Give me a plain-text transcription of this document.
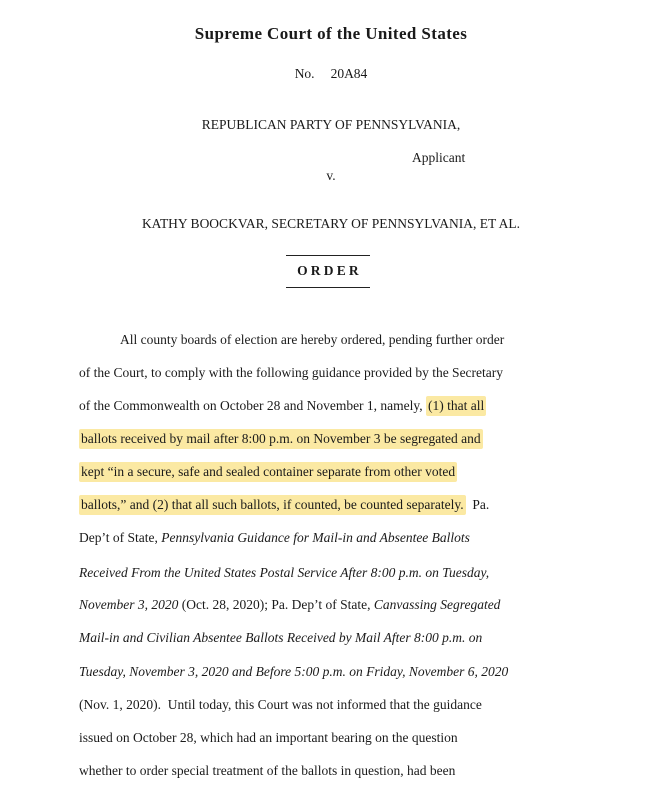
Supreme Court of the United States
No. 20A84
REPUBLICAN PARTY OF PENNSYLVANIA,
Applicant
v.
KATHY BOOCKVAR, SECRETARY OF PENNSYLVANIA, ET AL.
ORDER
All county boards of election are hereby ordered, pending further order
of the Court, to comply with the following guidance provided by the Secretary
of the Commonwealth on October 28 and November 1, namely, (1) that all
ballots received by mail after 8:00 p.m. on November 3 be segregated and
kept “in a secure, safe and sealed container separate from other voted
ballots,” and (2) that all such ballots, if counted, be counted separately. Pa.
Dep’t of State, Pennsylvania Guidance for Mail-in and Absentee Ballots
Received From the United States Postal Service After 8:00 p.m. on Tuesday,
November 3, 2020 (Oct. 28, 2020); Pa. Dep’t of State, Canvassing Segregated
Mail-in and Civilian Absentee Ballots Received by Mail After 8:00 p.m. on
Tuesday, November 3, 2020 and Before 5:00 p.m. on Friday, November 6, 2020
(Nov. 1, 2020).  Until today, this Court was not informed that the guidance
issued on October 28, which had an important bearing on the question
whether to order special treatment of the ballots in question, had been
